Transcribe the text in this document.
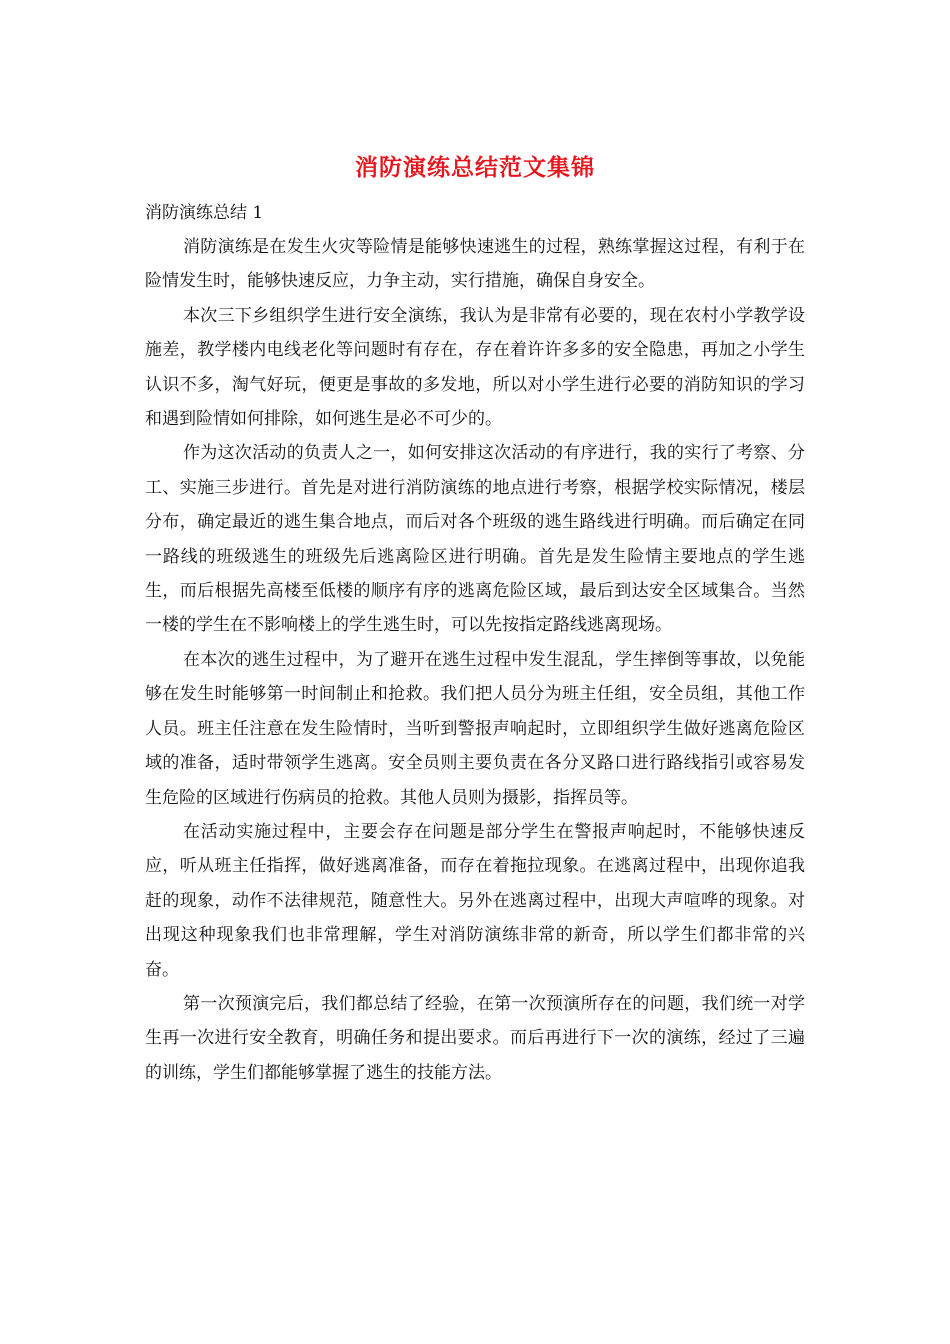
消防演练总结范文集锦

消防演练总结 1

消防演练是在发生火灾等险情是能够快速逃生的过程，熟练掌握这过程，有利于在险情发生时，能够快速反应，力争主动，实行措施，确保自身安全。

本次三下乡组织学生进行安全演练，我认为是非常有必要的，现在农村小学教学设施差，教学楼内电线老化等问题时有存在，存在着许许多多的安全隐患，再加之小学生认识不多，淘气好玩，便更是事故的多发地，所以对小学生进行必要的消防知识的学习和遇到险情如何排除，如何逃生是必不可少的。

作为这次活动的负责人之一，如何安排这次活动的有序进行，我的实行了考察、分工、实施三步进行。首先是对进行消防演练的地点进行考察，根据学校实际情况，楼层分布，确定最近的逃生集合地点，而后对各个班级的逃生路线进行明确。而后确定在同一路线的班级逃生的班级先后逃离险区进行明确。首先是发生险情主要地点的学生逃生，而后根据先高楼至低楼的顺序有序的逃离危险区域，最后到达安全区域集合。当然一楼的学生在不影响楼上的学生逃生时，可以先按指定路线逃离现场。

在本次的逃生过程中，为了避开在逃生过程中发生混乱，学生摔倒等事故，以免能够在发生时能够第一时间制止和抢救。我们把人员分为班主任组，安全员组，其他工作人员。班主任注意在发生险情时，当听到警报声响起时，立即组织学生做好逃离危险区域的准备，适时带领学生逃离。安全员则主要负责在各分叉路口进行路线指引或容易发生危险的区域进行伤病员的抢救。其他人员则为摄影，指挥员等。

在活动实施过程中，主要会存在问题是部分学生在警报声响起时，不能够快速反应，听从班主任指挥，做好逃离准备，而存在着拖拉现象。在逃离过程中，出现你追我赶的现象，动作不法律规范，随意性大。另外在逃离过程中，出现大声喧哗的现象。对出现这种现象我们也非常理解，学生对消防演练非常的新奇，所以学生们都非常的兴奋。

第一次预演完后，我们都总结了经验，在第一次预演所存在的问题，我们统一对学生再一次进行安全教育，明确任务和提出要求。而后再进行下一次的演练，经过了三遍的训练，学生们都能够掌握了逃生的技能方法。
